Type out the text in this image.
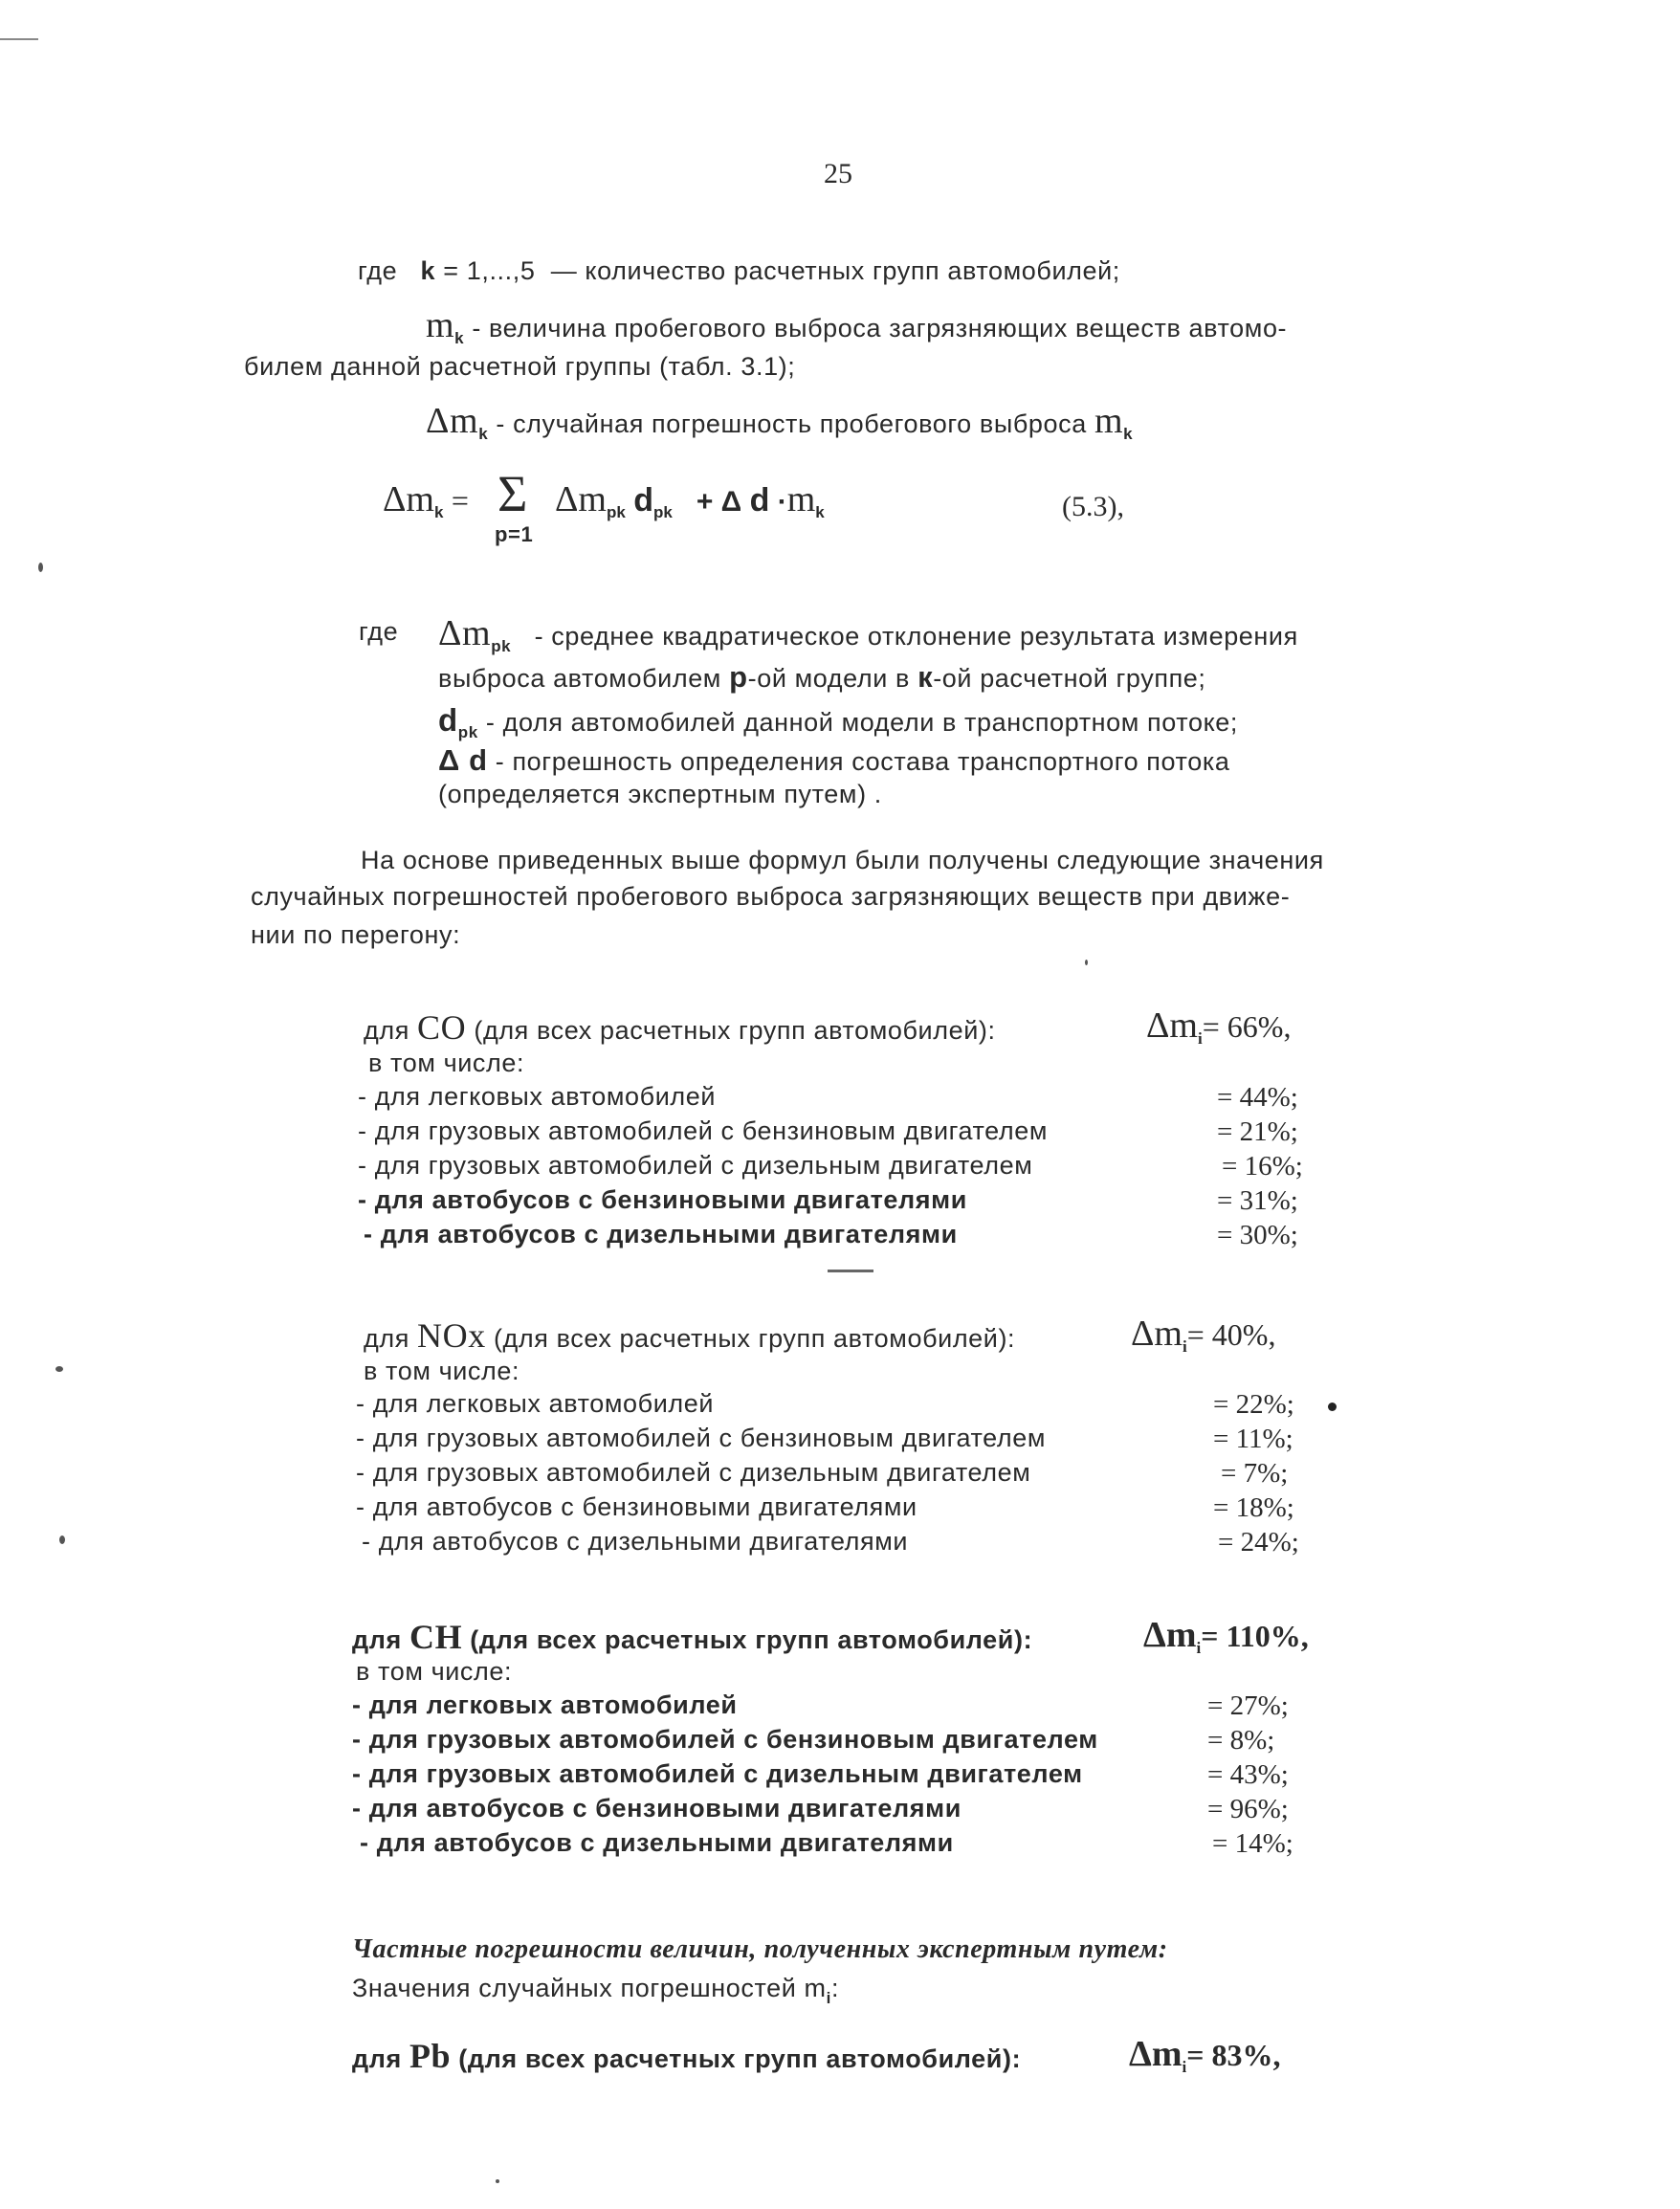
25
где k = 1,...,5 — количество расчетных групп автомобилей;
$m_k$ - величина пробегового выброса загрязняющих веществ автомо-
билем данной расчетной группы (табл. 3.1);
$\Delta m_k$ - случайная погрешность пробегового выброса $m_k$
$\Delta m_k = \Sigma$
p=1
$\Delta m_{pk}$ $d_{pk} + \Delta$ $d \cdot m_k$	(5.3),
где $\Delta m_{pk}$ - среднее квадратическое отклонение результата измерения
выброса автомобилем р-ой модели в к-ой расчетной группе;
$d_{pk}$ - доля автомобилей данной модели в транспортном потоке;
Δ d - погрешность определения состава транспортного потока
(определяется экспертным путем) .
На основе приведенных выше формул были получены следующие значения
случайных погрешностей пробегового выброса загрязняющих веществ при движе-
нии по перегону:
для CO (для всех расчетных групп автомобилей):	$\Delta m_i= 66\%$,
в том числе:
- для легковых автомобилей	= 44%;
- для грузовых автомобилей с бензиновым двигателем	= 21%;
- для грузовых автомобилей с дизельным двигателем	= 16%;
- для автобусов с бензиновыми двигателями	= 31%;
- для автобусов с дизельными двигателями	= 30%;
для NOx (для всех расчетных групп автомобилей):	$\Delta m_i= 40\%$,
в том числе:
- для легковых автомобилей	= 22%;
- для грузовых автомобилей с бензиновым двигателем	= 11%;
- для грузовых автомобилей с дизельным двигателем	= 7%;
- для автобусов с бензиновыми двигателями	= 18%;
- для автобусов с дизельными двигателями	= 24%;
для CH (для всех расчетных групп автомобилей):	$\Delta m_i= 110\%$,
в том числе:
- для легковых автомобилей	= 27%;
- для грузовых автомобилей с бензиновым двигателем	= 8%;
- для грузовых автомобилей с дизельным двигателем	= 43%;
- для автобусов с бензиновыми двигателями	= 96%;
- для автобусов с дизельными двигателями	= 14%;
Частные погрешности величин, полученных экспертным путем:
Значения случайных погрешностей $m_i$:
для Pb (для всех расчетных групп автомобилей):	$\Delta m_i= 83\%$,
